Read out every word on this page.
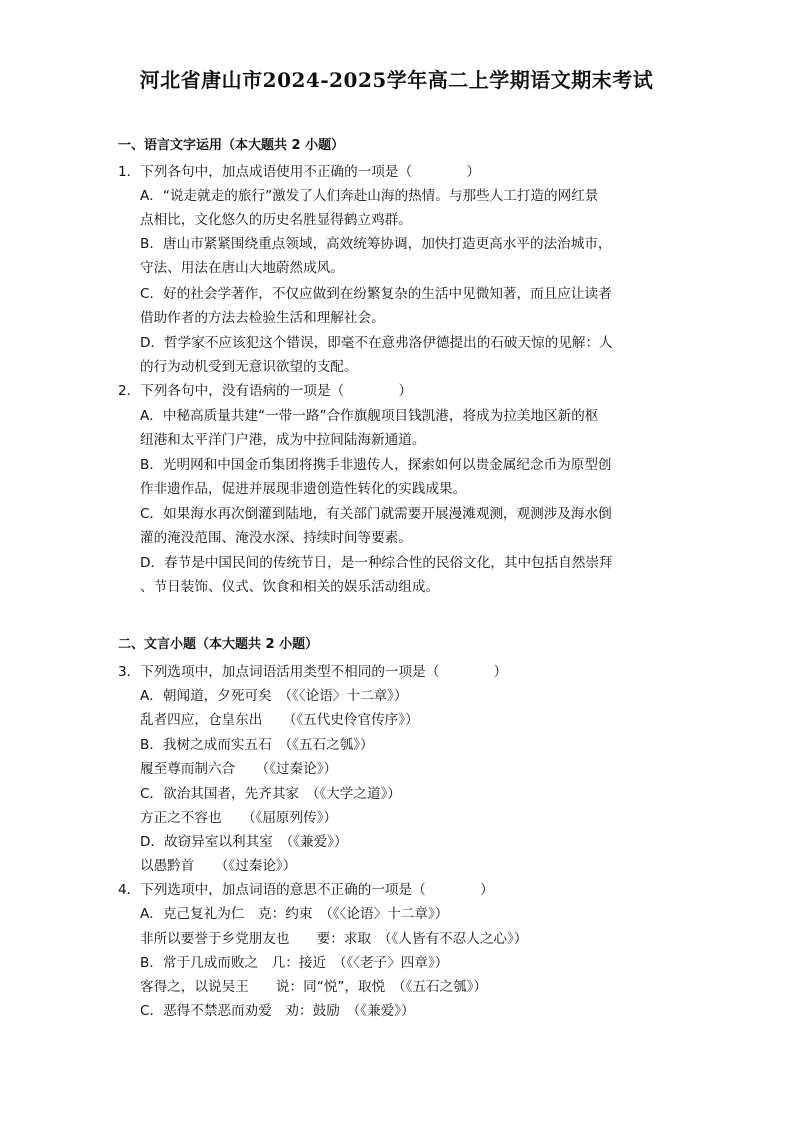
河北省唐山市2024-2025学年高二上学期语文期末考试
一、语言文字运用（本大题共 2 小题）
1．下列各句中，加点成语使用不正确的一项是（　　　　）
A．“说走就走的旅行”激发了人们奔赴山海的热情。与那些人工打造的网红景
点相比，文化悠久的历史名胜显得鹤立鸡群。
B．唐山市紧紧围绕重点领域，高效统筹协调，加快打造更高水平的法治城市，
守法、用法在唐山大地蔚然成风。
C．好的社会学著作，不仅应做到在纷繁复杂的生活中见微知著，而且应让读者
借助作者的方法去检验生活和理解社会。
D．哲学家不应该犯这个错误，即毫不在意弗洛伊德提出的石破天惊的见解：人
的行为动机受到无意识欲望的支配。
2．下列各句中，没有语病的一项是（　　　　）
A．中秘高质量共建“一带一路”合作旗舰项目钱凯港，将成为拉美地区新的枢
纽港和太平洋门户港，成为中拉间陆海新通道。
B．光明网和中国金币集团将携手非遗传人，探索如何以贵金属纪念币为原型创
作非遗作品，促进并展现非遗创造性转化的实践成果。
C．如果海水再次倒灌到陆地，有关部门就需要开展漫滩观测，观测涉及海水倒
灌的淹没范围、淹没水深、持续时间等要素。
D．春节是中国民间的传统节日，是一种综合性的民俗文化，其中包括自然崇拜
、节日装饰、仪式、饮食和相关的娱乐活动组成。
二、文言小题（本大题共 2 小题）
3．下列选项中，加点词语活用类型不相同的一项是（　　　　）
A．朝闻道，夕死可矣　（《〈论语〉十二章》）
乱者四应，仓皇东出　　（《五代史伶官传序》）
B．我树之成而实五石　（《五石之瓠》）
履至尊而制六合　　（《过秦论》）
C．欲治其国者，先齐其家　（《大学之道》）
方正之不容也　　（《屈原列传》）
D．故窃异室以利其室　（《兼爱》）
以愚黔首　　（《过秦论》）
4．下列选项中，加点词语的意思不正确的一项是（　　　　）
A．克己复礼为仁　克：约束　（《〈论语〉十二章》）
非所以要誉于乡党朋友也　　要：求取　（《人皆有不忍人之心》）
B．常于几成而败之　几：接近　（《〈老子〉四章》）
客得之，以说吴王　　说：同“悦”，取悦　（《五石之瓠》）
C．恶得不禁恶而劝爱　劝：鼓励　（《兼爱》）
